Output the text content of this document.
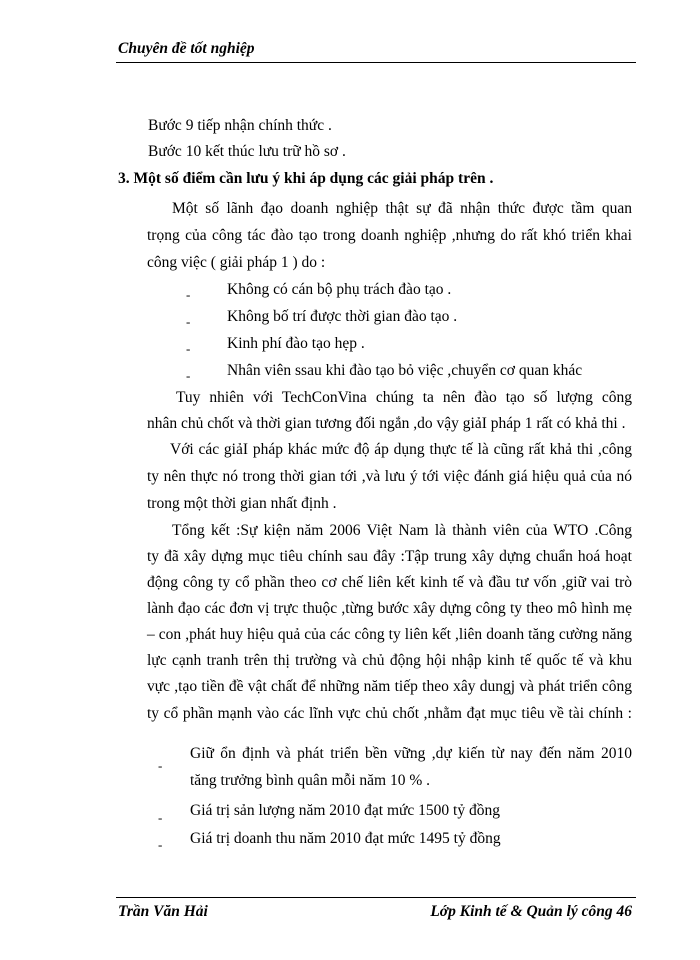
Chuyên đề tốt nghiệp
Bước 9 tiếp nhận chính thức .
Bước 10 kết thúc lưu trữ hồ sơ .
3. Một số điểm cần lưu ý khi áp dụng các giải pháp trên .
Một số lãnh đạo doanh nghiệp thật sự đã nhận thức được tầm quan
trọng của công tác đào tạo trong doanh nghiệp ,nhưng do rất khó triển khai
công việc ( giải pháp 1 ) do :
- Không có cán bộ phụ trách đào tạo .
- Không bố trí được thời gian đào tạo .
- Kinh phí đào tạo hẹp .
- Nhân viên ssau khi đào tạo bỏ việc ,chuyển cơ quan khác
Tuy nhiên với TechConVina chúng ta nên đào tạo số lượng công
nhân chủ chốt và thời gian tương đối ngắn ,do vậy giảI pháp 1 rất có khả thi .
Với các giảI pháp khác mức độ áp dụng thực tế là cũng rất khả thi ,công
ty nên thực nó trong thời gian tới ,và lưu ý tới việc đánh giá hiệu quả của nó
trong một thời gian nhất định .
Tổng kết :Sự kiện năm 2006 Việt Nam là thành viên của WTO .Công
ty đã xây dựng mục tiêu chính sau đây :Tập trung xây dựng chuẩn hoá hoạt
động công ty cổ phần theo cơ chế liên kết kinh tế và đầu tư vốn ,giữ vai trò
lành đạo các đơn vị trực thuộc ,từng bước xây dựng công ty theo mô hình mẹ
– con ,phát huy hiệu quả của các công ty liên kết ,liên doanh tăng cường năng
lực cạnh tranh trên thị trường và chủ động hội nhập kinh tế quốc tế và khu
vực ,tạo tiền đề vật chất để những năm tiếp theo xây dungj và phát triển công
ty cổ phần mạnh vào các lĩnh vực chủ chốt ,nhằm đạt mục tiêu về tài chính :
-
Giữ ổn định và phát triển bền vững ,dự kiến từ nay đến năm 2010
tăng trưởng bình quân mỗi năm 10 % .
- Giá trị sản lượng năm 2010 đạt mức 1500 tỷ đồng
- Giá trị doanh thu năm 2010 đạt mức 1495 tỷ đồng
Trần Văn Hải	Lớp Kinh tế & Quản lý công 46
